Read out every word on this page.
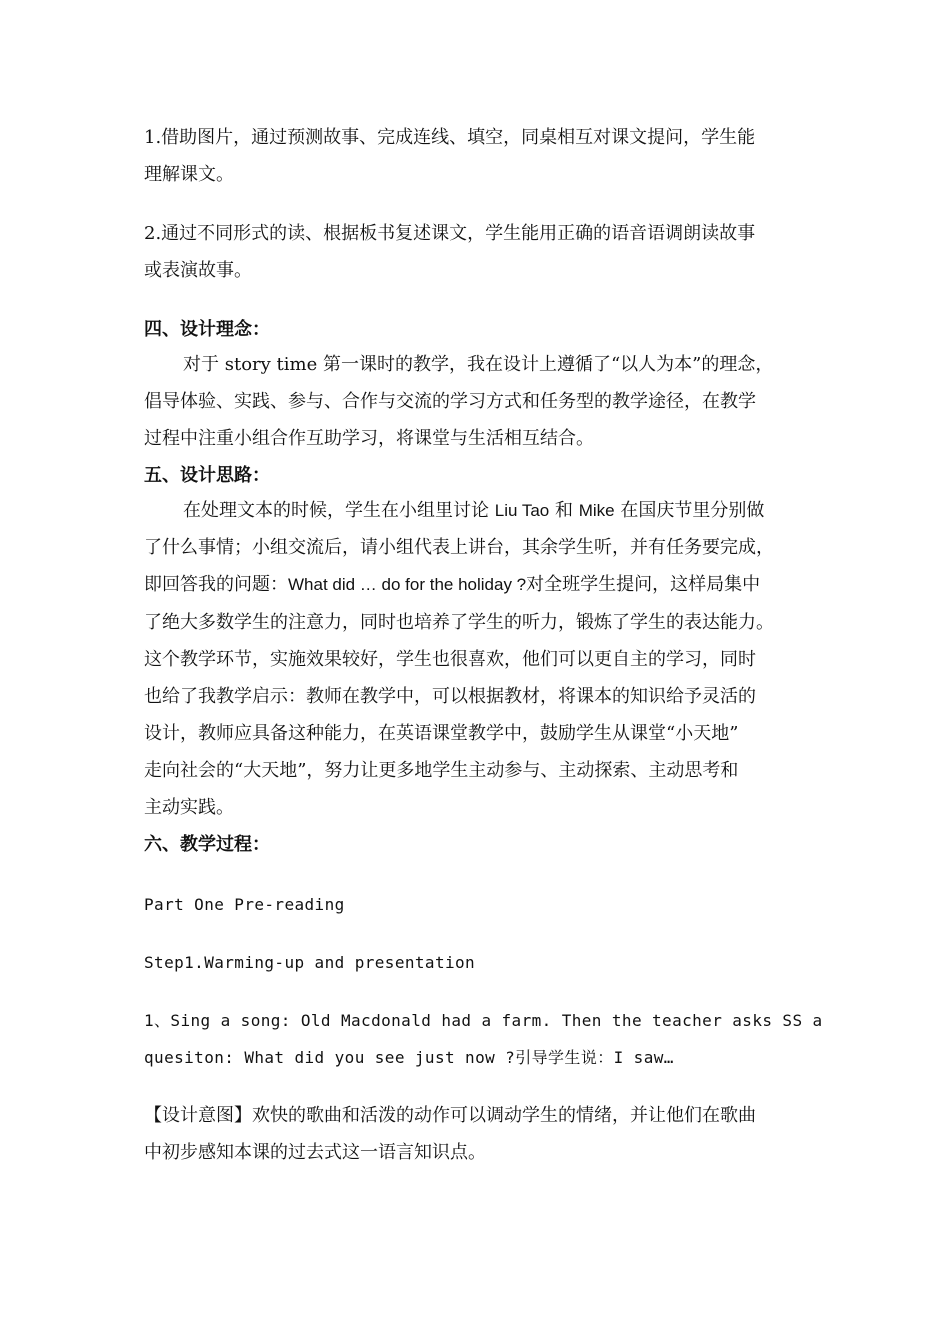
1.借助图片，通过预测故事、完成连线、填空，同桌相互对课文提问，学生能

理解课文。

2.通过不同形式的读、根据板书复述课文，学生能用正确的语音语调朗读故事

或表演故事。

四、设计理念：

对于 story time 第一课时的教学，我在设计上遵循了“以人为本”的理念，

倡导体验、实践、参与、合作与交流的学习方式和任务型的教学途径，在教学

过程中注重小组合作互助学习，将课堂与生活相互结合。

五、设计思路：

在处理文本的时候，学生在小组里讨论 Liu Tao 和 Mike 在国庆节里分别做

了什么事情；小组交流后，请小组代表上讲台，其余学生听，并有任务要完成，

即回答我的问题：What did … do for the holiday ?对全班学生提问，这样局集中

了绝大多数学生的注意力，同时也培养了学生的听力，锻炼了学生的表达能力。

这个教学环节，实施效果较好，学生也很喜欢，他们可以更自主的学习，同时

也给了我教学启示：教师在教学中，可以根据教材，将课本的知识给予灵活的

设计，教师应具备这种能力，在英语课堂教学中，鼓励学生从课堂“小天地”

走向社会的“大天地”，努力让更多地学生主动参与、主动探索、主动思考和

主动实践。

六、教学过程：

Part One Pre-reading

Step1.Warming-up and presentation

1、Sing a song: Old Macdonald had a farm. Then the teacher asks SS a

quesiton: What did you see just now ?引导学生说：I saw…

【设计意图】欢快的歌曲和活泼的动作可以调动学生的情绪，并让他们在歌曲

中初步感知本课的过去式这一语言知识点。
